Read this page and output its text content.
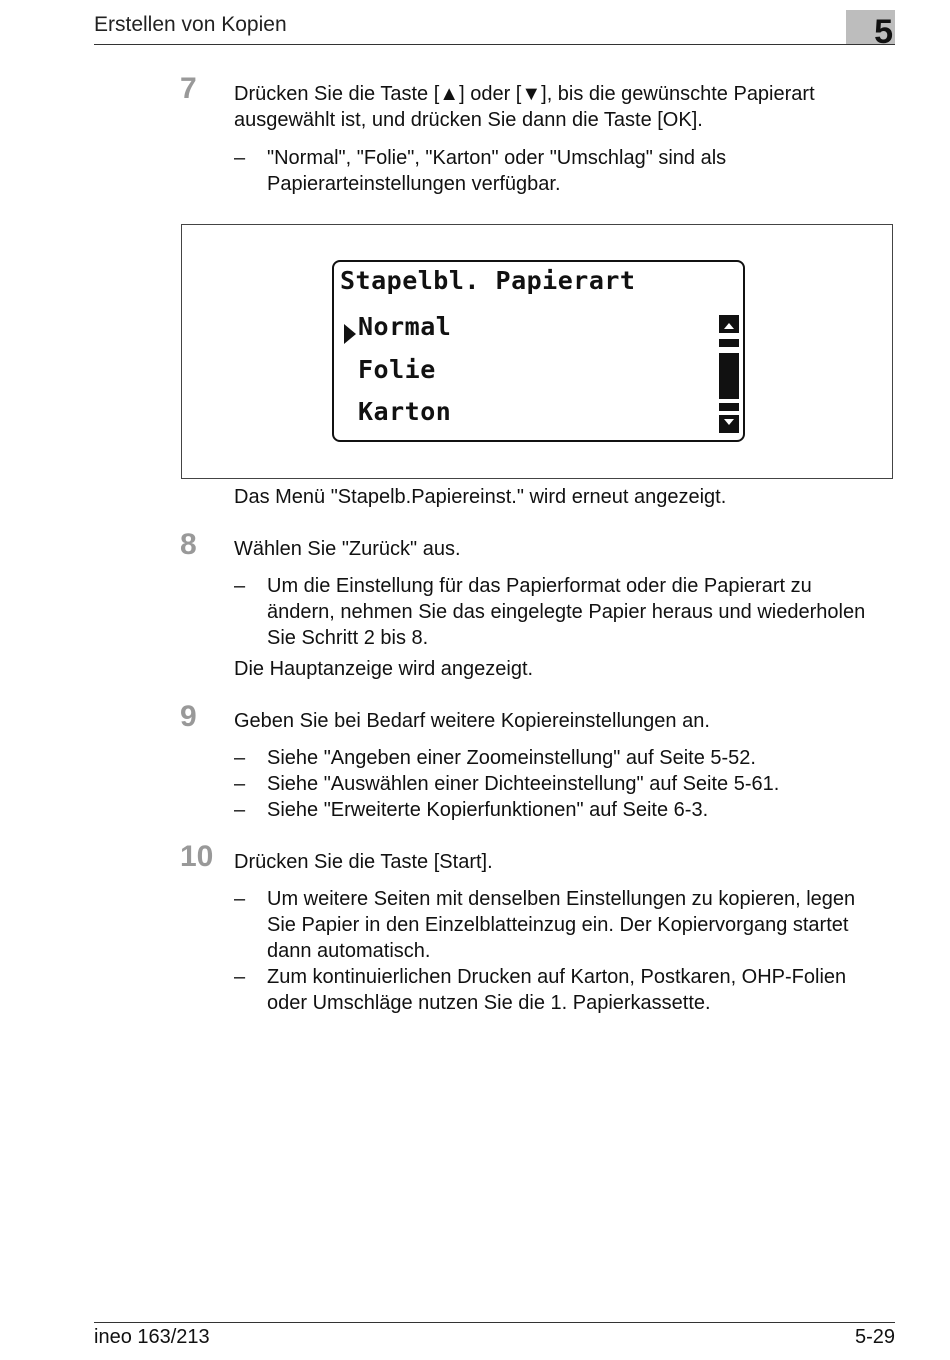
Erstellen von Kopien	5
7 Drücken Sie die Taste [▲] oder [▼], bis die gewünschte Papierart
ausgewählt ist, und drücken Sie dann die Taste [OK].
– "Normal", "Folie", "Karton" oder "Umschlag" sind als
Papierarteinstellungen verfügbar.
Stapelbl. Papierart
Normal
Folie
Karton
Das Menü "Stapelb.Papiereinst." wird erneut angezeigt.
8 Wählen Sie "Zurück" aus.
– Um die Einstellung für das Papierformat oder die Papierart zu
ändern, nehmen Sie das eingelegte Papier heraus und wiederholen
Sie Schritt 2 bis 8.
Die Hauptanzeige wird angezeigt.
9 Geben Sie bei Bedarf weitere Kopiereinstellungen an.
– Siehe "Angeben einer Zoomeinstellung" auf Seite 5-52.
– Siehe "Auswählen einer Dichteeinstellung" auf Seite 5-61.
– Siehe "Erweiterte Kopierfunktionen" auf Seite 6-3.
10 Drücken Sie die Taste [Start].
– Um weitere Seiten mit denselben Einstellungen zu kopieren, legen
Sie Papier in den Einzelblatteinzug ein. Der Kopiervorgang startet
dann automatisch.
– Zum kontinuierlichen Drucken auf Karton, Postkaren, OHP-Folien
oder Umschläge nutzen Sie die 1. Papierkassette.
ineo 163/213	5-29
